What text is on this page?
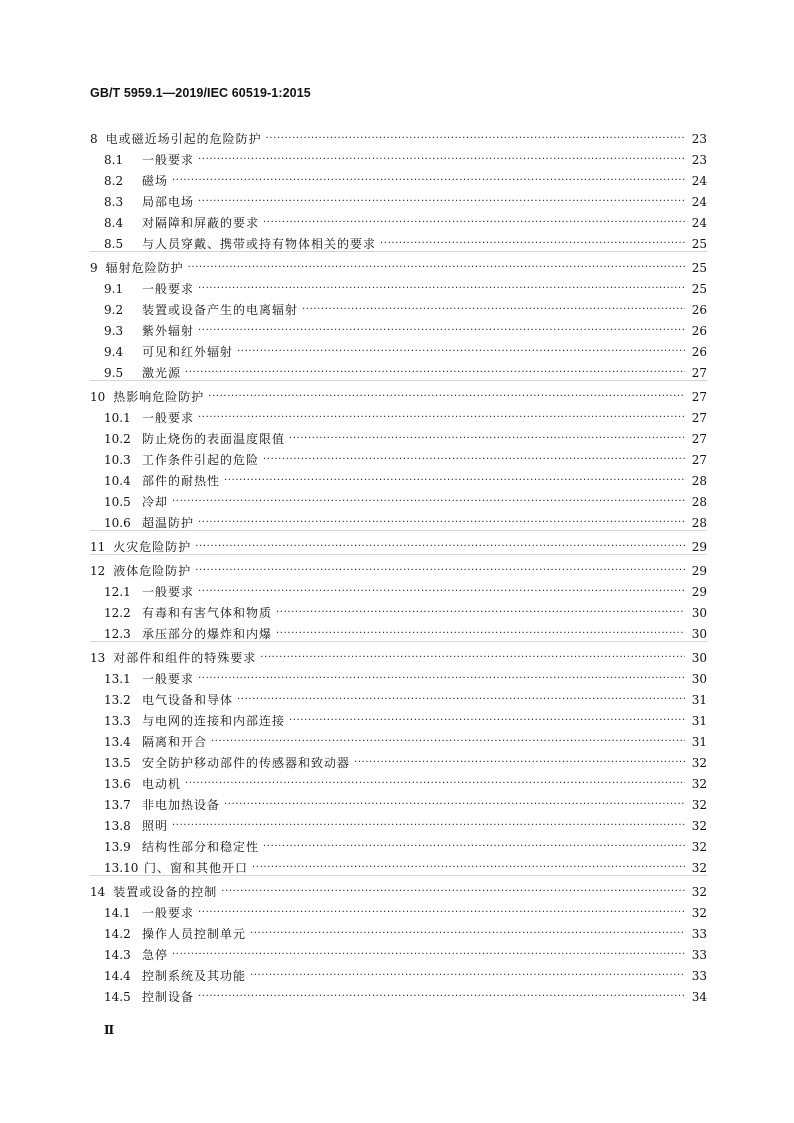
GB/T 5959.1—2019/IEC 60519-1:2015
8 电或磁近场引起的危险防护 ·····	23
8.1	一般要求 ·····	23
8.2	磁场 ·····	24
8.3	局部电场 ·····	24
8.4	对隔障和屏蔽的要求 ·····	24
8.5	与人员穿戴、携带或持有物体相关的要求 ·····	25
9 辐射危险防护 ·····	25
9.1	一般要求 ·····	25
9.2	装置或设备产生的电离辐射 ·····	26
9.3	紫外辐射 ·····	26
9.4	可见和红外辐射 ·····	26
9.5	激光源 ·····	27
10 热影响危险防护 ·····	27
10.1 一般要求 ·····	27
10.2 防止烧伤的表面温度限值 ·····	27
10.3 工作条件引起的危险 ·····	27
10.4 部件的耐热性 ·····	28
10.5 冷却 ·····	28
10.6 超温防护 ·····	28
11 火灾危险防护 ·····	29
12 液体危险防护 ·····	29
12.1 一般要求 ·····	29
12.2 有毒和有害气体和物质 ·····	30
12.3 承压部分的爆炸和内爆 ·····	30
13 对部件和组件的特殊要求 ·····	30
13.1 一般要求 ·····	30
13.2 电气设备和导体 ·····	31
13.3 与电网的连接和内部连接 ·····	31
13.4 隔离和开合 ·····	31
13.5 安全防护移动部件的传感器和致动器 ·····	32
13.6 电动机 ·····	32
13.7 非电加热设备 ·····	32
13.8 照明 ·····	32
13.9 结构性部分和稳定性 ·····	32
13.10 门、窗和其他开口 ·····	32
14 装置或设备的控制 ·····	32
14.1 一般要求 ·····	32
14.2 操作人员控制单元 ·····	33
14.3 急停 ·····	33
14.4 控制系统及其功能 ·····	33
14.5 控制设备 ·····	34
Ⅱ
